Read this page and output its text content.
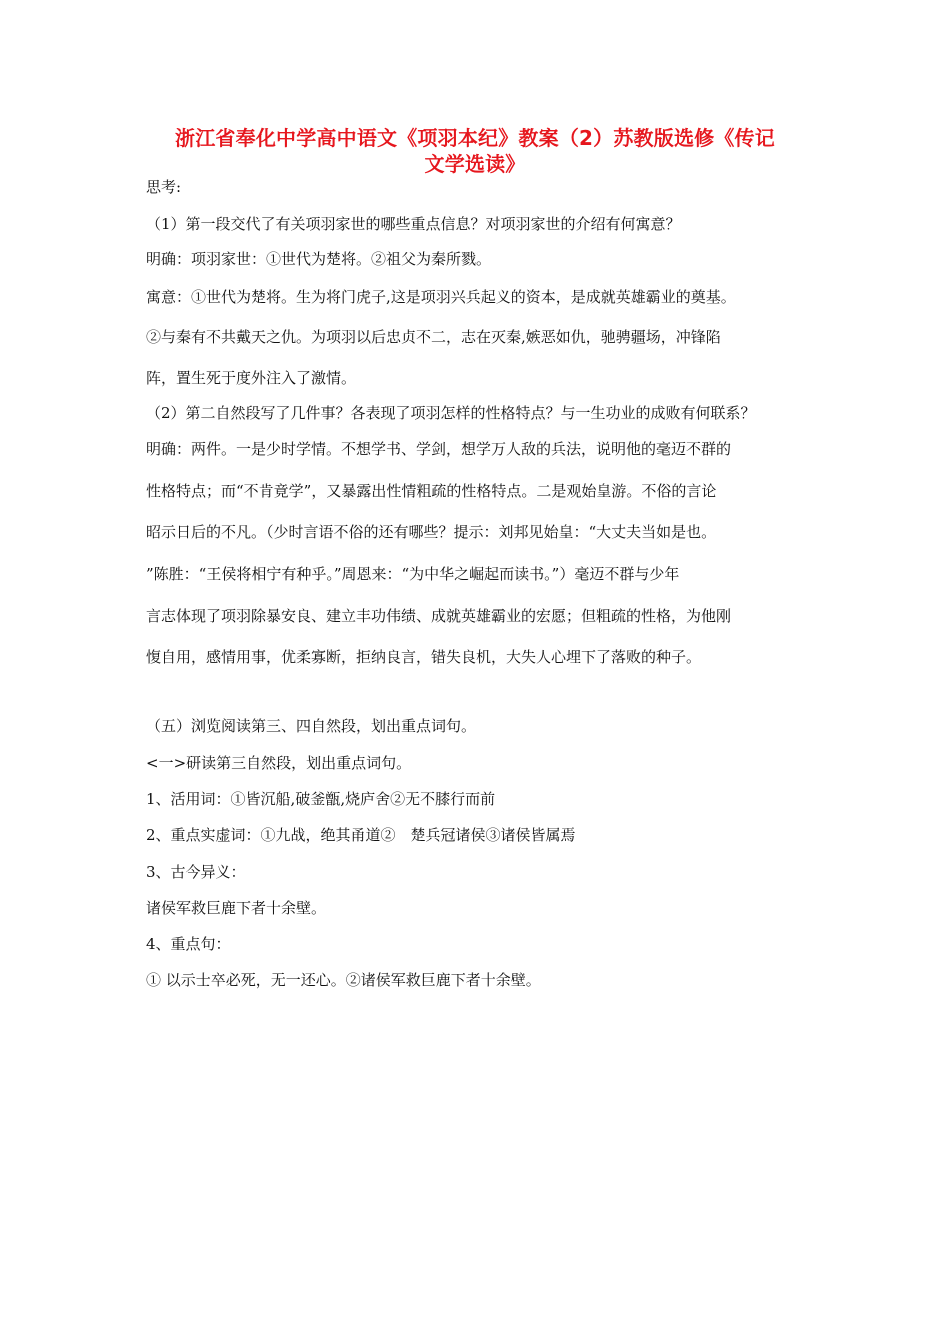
浙江省奉化中学高中语文《项羽本纪》教案（2）苏教版选修《传记
文学选读》
思考:
（1）第一段交代了有关项羽家世的哪些重点信息？对项羽家世的介绍有何寓意？
明确：项羽家世：①世代为楚将。②祖父为秦所戮。
寓意：①世代为楚将。生为将门虎子,这是项羽兴兵起义的资本，是成就英雄霸业的奠基。
②与秦有不共戴天之仇。为项羽以后忠贞不二，志在灭秦,嫉恶如仇，驰骋疆场，冲锋陷
阵，置生死于度外注入了激情。
（2）第二自然段写了几件事？各表现了项羽怎样的性格特点？与一生功业的成败有何联系？
明确：两件。一是少时学情。不想学书、学剑，想学万人敌的兵法，说明他的毫迈不群的
性格特点；而“不肯竟学”，又暴露出性情粗疏的性格特点。二是观始皇游。不俗的言论
昭示日后的不凡。（少时言语不俗的还有哪些？提示：刘邦见始皇：“大丈夫当如是也。
”陈胜：“王侯将相宁有种乎。”周恩来：“为中华之崛起而读书。”）毫迈不群与少年
言志体现了项羽除暴安良、建立丰功伟绩、成就英雄霸业的宏愿；但粗疏的性格，为他刚
愎自用，感情用事，优柔寡断，拒纳良言，错失良机，大失人心埋下了落败的种子。
（五）浏览阅读第三、四自然段，划出重点词句。
<一>研读第三自然段，划出重点词句。
1、活用词：①皆沉船,破釜甑,烧庐舍②无不膝行而前
2、重点实虚词：①九战，绝其甬道②　楚兵冠诸侯③诸侯皆属焉
3、古今异义：
诸侯军救巨鹿下者十余壁。
4、重点句：
① 以示士卒必死，无一还心。②诸侯军救巨鹿下者十余壁。
